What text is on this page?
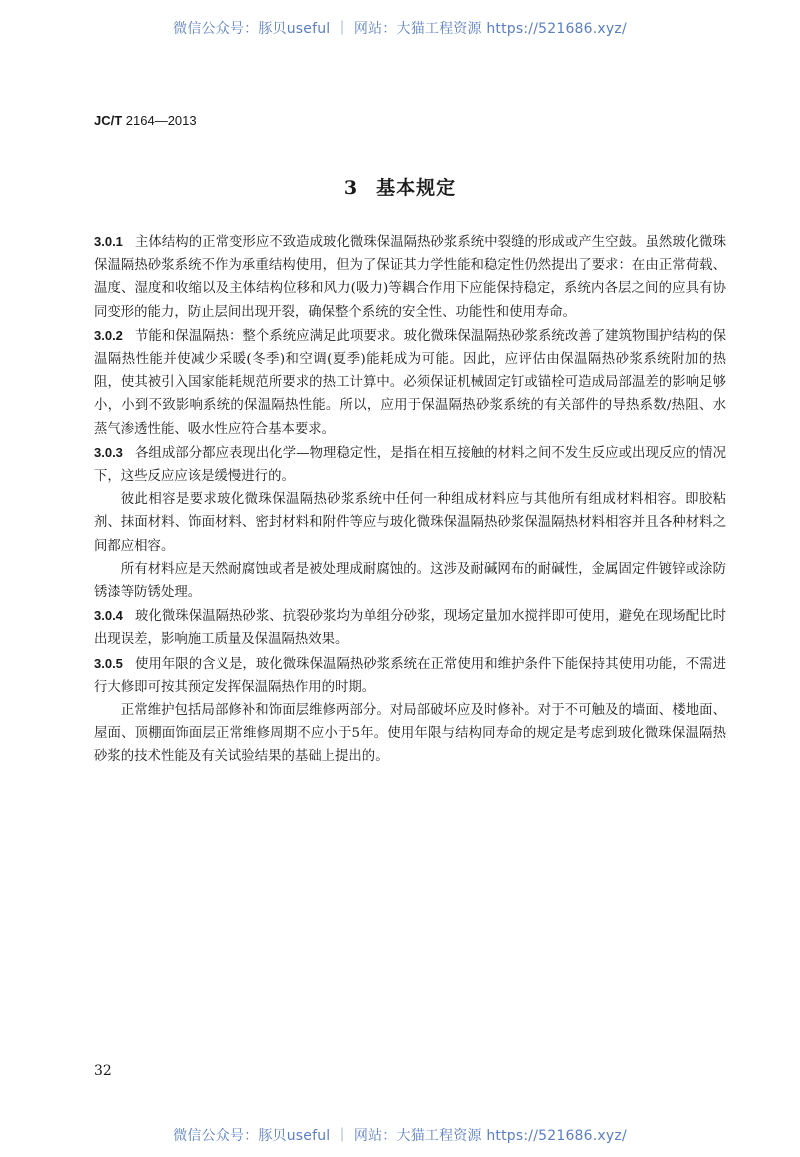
微信公众号：豚贝useful ｜ 网站：大猫工程资源 https://521686.xyz/
JC/T 2164—2013
3 基本规定

3.0.1 主体结构的正常变形应不致造成玻化微珠保温隔热砂浆系统中裂缝的形成或产生空鼓。虽然玻化微珠保温隔热砂浆系统不作为承重结构使用，但为了保证其力学性能和稳定性仍然提出了要求：在由正常荷载、温度、湿度和收缩以及主体结构位移和风力(吸力)等耦合作用下应能保持稳定，系统内各层之间的应具有协同变形的能力，防止层间出现开裂，确保整个系统的安全性、功能性和使用寿命。

3.0.2 节能和保温隔热：整个系统应满足此项要求。玻化微珠保温隔热砂浆系统改善了建筑物围护结构的保温隔热性能并使减少采暖(冬季)和空调(夏季)能耗成为可能。因此，应评估由保温隔热砂浆系统附加的热阻，使其被引入国家能耗规范所要求的热工计算中。必须保证机械固定钉或锚栓可造成局部温差的影响足够小，小到不致影响系统的保温隔热性能。所以，应用于保温隔热砂浆系统的有关部件的导热系数/热阻、水蒸气渗透性能、吸水性应符合基本要求。

3.0.3 各组成部分都应表现出化学—物理稳定性，是指在相互接触的材料之间不发生反应或出现反应的情况下，这些反应应该是缓慢进行的。

彼此相容是要求玻化微珠保温隔热砂浆系统中任何一种组成材料应与其他所有组成材料相容。即胶粘剂、抹面材料、饰面材料、密封材料和附件等应与玻化微珠保温隔热砂浆保温隔热材料相容并且各种材料之间都应相容。

所有材料应是天然耐腐蚀或者是被处理成耐腐蚀的。这涉及耐碱网布的耐碱性，金属固定件镀锌或涂防锈漆等防锈处理。

3.0.4 玻化微珠保温隔热砂浆、抗裂砂浆均为单组分砂浆，现场定量加水搅拌即可使用，避免在现场配比时出现误差，影响施工质量及保温隔热效果。

3.0.5 使用年限的含义是，玻化微珠保温隔热砂浆系统在正常使用和维护条件下能保持其使用功能，不需进行大修即可按其预定发挥保温隔热作用的时期。

正常维护包括局部修补和饰面层维修两部分。对局部破坏应及时修补。对于不可触及的墙面、楼地面、屋面、顶棚面饰面层正常维修周期不应小于5年。使用年限与结构同寿命的规定是考虑到玻化微珠保温隔热砂浆的技术性能及有关试验结果的基础上提出的。

32
微信公众号：豚贝useful ｜ 网站：大猫工程资源 https://521686.xyz/
